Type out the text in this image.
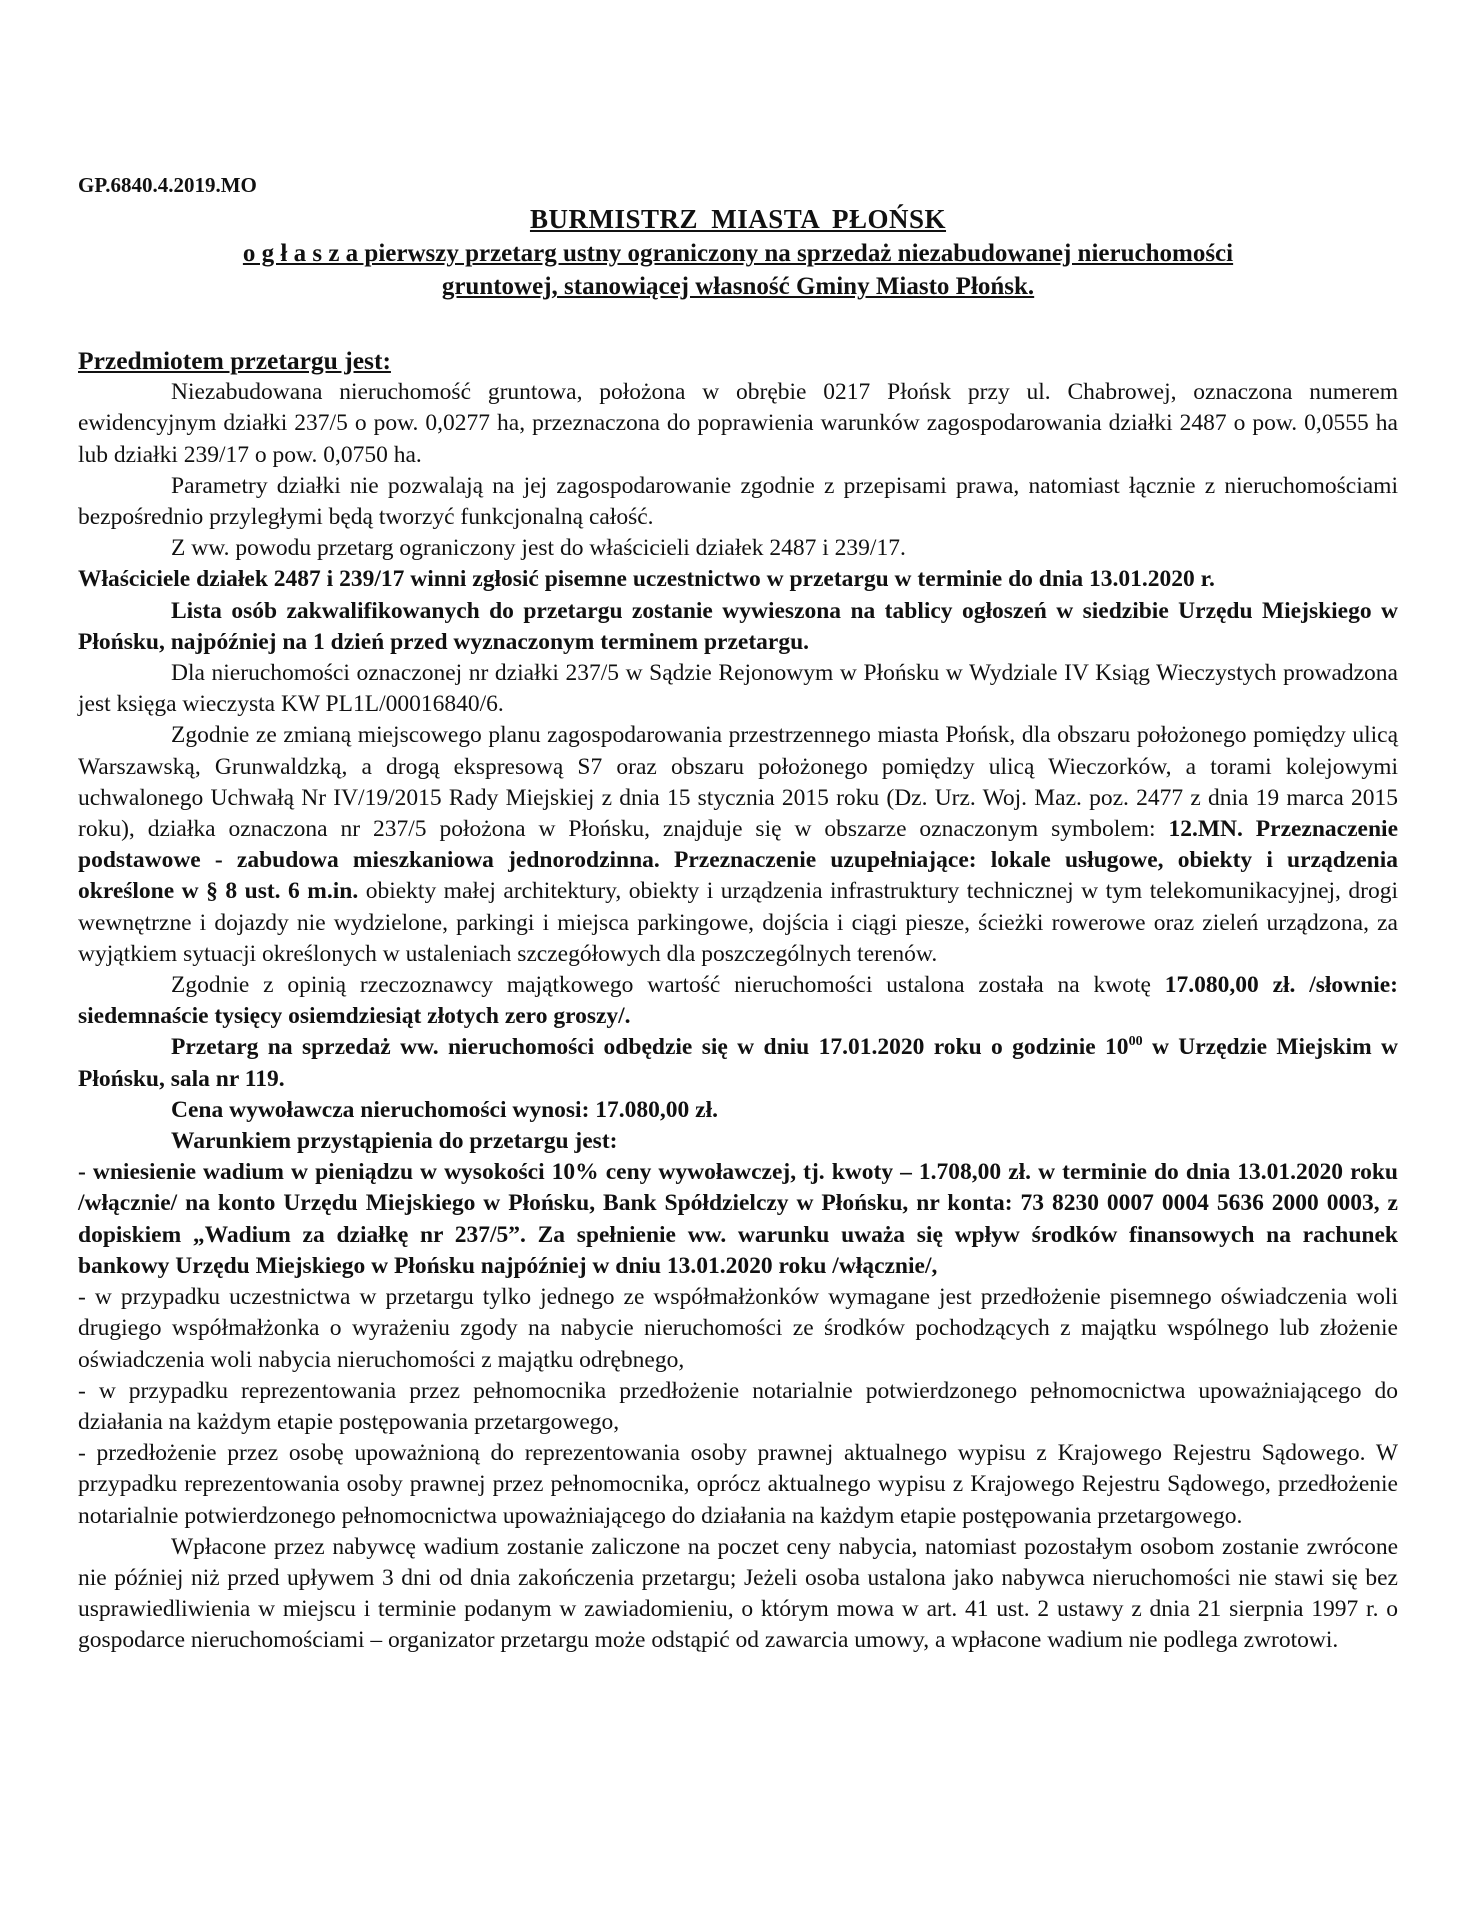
GP.6840.4.2019.MO
BURMISTRZ MIASTA PŁOŃSK
o g ł a s z a pierwszy przetarg ustny ograniczony na sprzedaż niezabudowanej nieruchomości
gruntowej, stanowiącej własność Gminy Miasto Płońsk.
Przedmiotem przetargu jest:

Niezabudowana nieruchomość gruntowa, położona w obrębie 0217 Płońsk przy ul. Chabrowej, oznaczona numerem ewidencyjnym działki 237/5 o pow. 0,0277 ha, przeznaczona do poprawienia warunków zagospodarowania działki 2487 o pow. 0,0555 ha lub działki 239/17 o pow. 0,0750 ha.

Parametry działki nie pozwalają na jej zagospodarowanie zgodnie z przepisami prawa, natomiast łącznie z nieruchomościami bezpośrednio przyległymi będą tworzyć funkcjonalną całość.

Z ww. powodu przetarg ograniczony jest do właścicieli działek 2487 i 239/17.

Właściciele działek 2487 i 239/17 winni zgłosić pisemne uczestnictwo w przetargu w terminie do dnia 13.01.2020 r.

Lista osób zakwalifikowanych do przetargu zostanie wywieszona na tablicy ogłoszeń w siedzibie Urzędu Miejskiego w Płońsku, najpóźniej na 1 dzień przed wyznaczonym terminem przetargu.

Dla nieruchomości oznaczonej nr działki 237/5 w Sądzie Rejonowym w Płońsku w Wydziale IV Ksiąg Wieczystych prowadzona jest księga wieczysta KW PL1L/00016840/6.

Zgodnie ze zmianą miejscowego planu zagospodarowania przestrzennego miasta Płońsk, dla obszaru położonego pomiędzy ulicą Warszawską, Grunwaldzką, a drogą ekspresową S7 oraz obszaru położonego pomiędzy ulicą Wieczorków, a torami kolejowymi uchwalonego Uchwałą Nr IV/19/2015 Rady Miejskiej z dnia 15 stycznia 2015 roku (Dz. Urz. Woj. Maz. poz. 2477 z dnia 19 marca 2015 roku), działka oznaczona nr 237/5 położona w Płońsku, znajduje się w obszarze oznaczonym symbolem: 12.MN. Przeznaczenie podstawowe - zabudowa mieszkaniowa jednorodzinna. Przeznaczenie uzupełniające: lokale usługowe, obiekty i urządzenia określone w § 8 ust. 6 m.in. obiekty małej architektury, obiekty i urządzenia infrastruktury technicznej w tym telekomunikacyjnej, drogi wewnętrzne i dojazdy nie wydzielone, parkingi i miejsca parkingowe, dojścia i ciągi piesze, ścieżki rowerowe oraz zieleń urządzona, za wyjątkiem sytuacji określonych w ustaleniach szczegółowych dla poszczególnych terenów.

Zgodnie z opinią rzeczoznawcy majątkowego wartość nieruchomości ustalona została na kwotę 17.080,00 zł. /słownie: siedemnaście tysięcy osiemdziesiąt złotych zero groszy/.

Przetarg na sprzedaż ww. nieruchomości odbędzie się w dniu 17.01.2020 roku o godzinie $10^{00}$ w Urzędzie Miejskim w Płońsku, sala nr 119.

Cena wywoławcza nieruchomości wynosi: 17.080,00 zł.

Warunkiem przystąpienia do przetargu jest:

- wniesienie wadium w pieniądzu w wysokości 10% ceny wywoławczej, tj. kwoty – 1.708,00 zł. w terminie do dnia 13.01.2020 roku /włącznie/ na konto Urzędu Miejskiego w Płońsku, Bank Spółdzielczy w Płońsku, nr konta: 73 8230 0007 0004 5636 2000 0003, z dopiskiem „Wadium za działkę nr 237/5”. Za spełnienie ww. warunku uważa się wpływ środków finansowych na rachunek bankowy Urzędu Miejskiego w Płońsku najpóźniej w dniu 13.01.2020 roku /włącznie/,

- w przypadku uczestnictwa w przetargu tylko jednego ze współmałżonków wymagane jest przedłożenie pisemnego oświadczenia woli drugiego współmałżonka o wyrażeniu zgody na nabycie nieruchomości ze środków pochodzących z majątku wspólnego lub złożenie oświadczenia woli nabycia nieruchomości z majątku odrębnego,

- w przypadku reprezentowania przez pełnomocnika przedłożenie notarialnie potwierdzonego pełnomocnictwa upoważniającego do działania na każdym etapie postępowania przetargowego,

- przedłożenie przez osobę upoważnioną do reprezentowania osoby prawnej aktualnego wypisu z Krajowego Rejestru Sądowego. W przypadku reprezentowania osoby prawnej przez pełnomocnika, oprócz aktualnego wypisu z Krajowego Rejestru Sądowego, przedłożenie notarialnie potwierdzonego pełnomocnictwa upoważniającego do działania na każdym etapie postępowania przetargowego.

Wpłacone przez nabywcę wadium zostanie zaliczone na poczet ceny nabycia, natomiast pozostałym osobom zostanie zwrócone nie później niż przed upływem 3 dni od dnia zakończenia przetargu; Jeżeli osoba ustalona jako nabywca nieruchomości nie stawi się bez usprawiedliwienia w miejscu i terminie podanym w zawiadomieniu, o którym mowa w art. 41 ust. 2 ustawy z dnia 21 sierpnia 1997 r. o gospodarce nieruchomościami – organizator przetargu może odstąpić od zawarcia umowy, a wpłacone wadium nie podlega zwrotowi.
